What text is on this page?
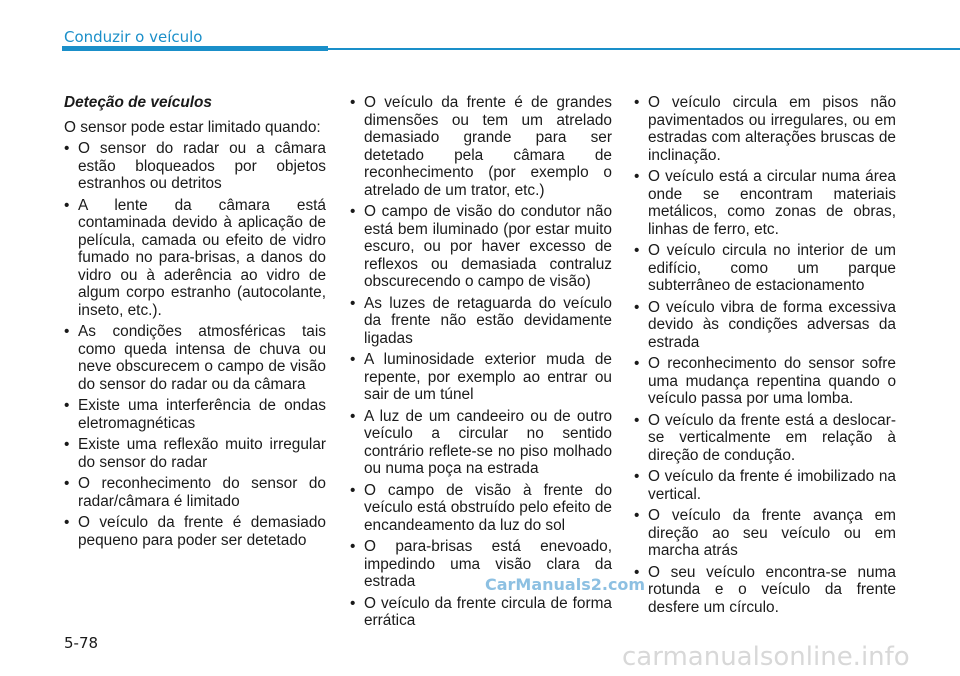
Conduzir o veículo
Deteção de veículos
O sensor pode estar limitado quando:
• O sensor do radar ou a câmara estão bloqueados por objetos estranhos ou detritos
• A lente da câmara está contaminada devido à aplicação de película, camada ou efeito de vidro fumado no para-brisas, a danos do vidro ou à aderência ao vidro de algum corpo estranho (autocolante, inseto, etc.).
• As condições atmosféricas tais como queda intensa de chuva ou neve obscurecem o campo de visão do sensor do radar ou da câmara
• Existe uma interferência de ondas eletromagnéticas
• Existe uma reflexão muito irregular do sensor do radar
• O reconhecimento do sensor do radar/câmara é limitado
• O veículo da frente é demasiado pequeno para poder ser detetado
• O veículo da frente é de grandes dimensões ou tem um atrelado demasiado grande para ser detetado pela câmara de reconhecimento (por exemplo o atrelado de um trator, etc.)
• O campo de visão do condutor não está bem iluminado (por estar muito escuro, ou por haver excesso de reflexos ou demasiada contraluz obscurecendo o campo de visão)
• As luzes de retaguarda do veículo da frente não estão devidamente ligadas
• A luminosidade exterior muda de repente, por exemplo ao entrar ou sair de um túnel
• A luz de um candeeiro ou de outro veículo a circular no sentido contrário reflete-se no piso molhado ou numa poça na estrada
• O campo de visão à frente do veículo está obstruído pelo efeito de encandeamento da luz do sol
• O para-brisas está enevoado, impedindo uma visão clara da estrada
• O veículo da frente circula de forma errática
• O veículo circula em pisos não pavimentados ou irregulares, ou em estradas com alterações bruscas de inclinação.
• O veículo está a circular numa área onde se encontram materiais metálicos, como zonas de obras, linhas de ferro, etc.
• O veículo circula no interior de um edifício, como um parque subterrâneo de estacionamento
• O veículo vibra de forma excessiva devido às condições adversas da estrada
• O reconhecimento do sensor sofre uma mudança repentina quando o veículo passa por uma lomba.
• O veículo da frente está a deslocar-se verticalmente em relação à direção de condução.
• O veículo da frente é imobilizado na vertical.
• O veículo da frente avança em direção ao seu veículo ou em marcha atrás
• O seu veículo encontra-se numa rotunda e o veículo da frente desfere um círculo.
CarManuals2.com
5-78	carmanualsonline.info
